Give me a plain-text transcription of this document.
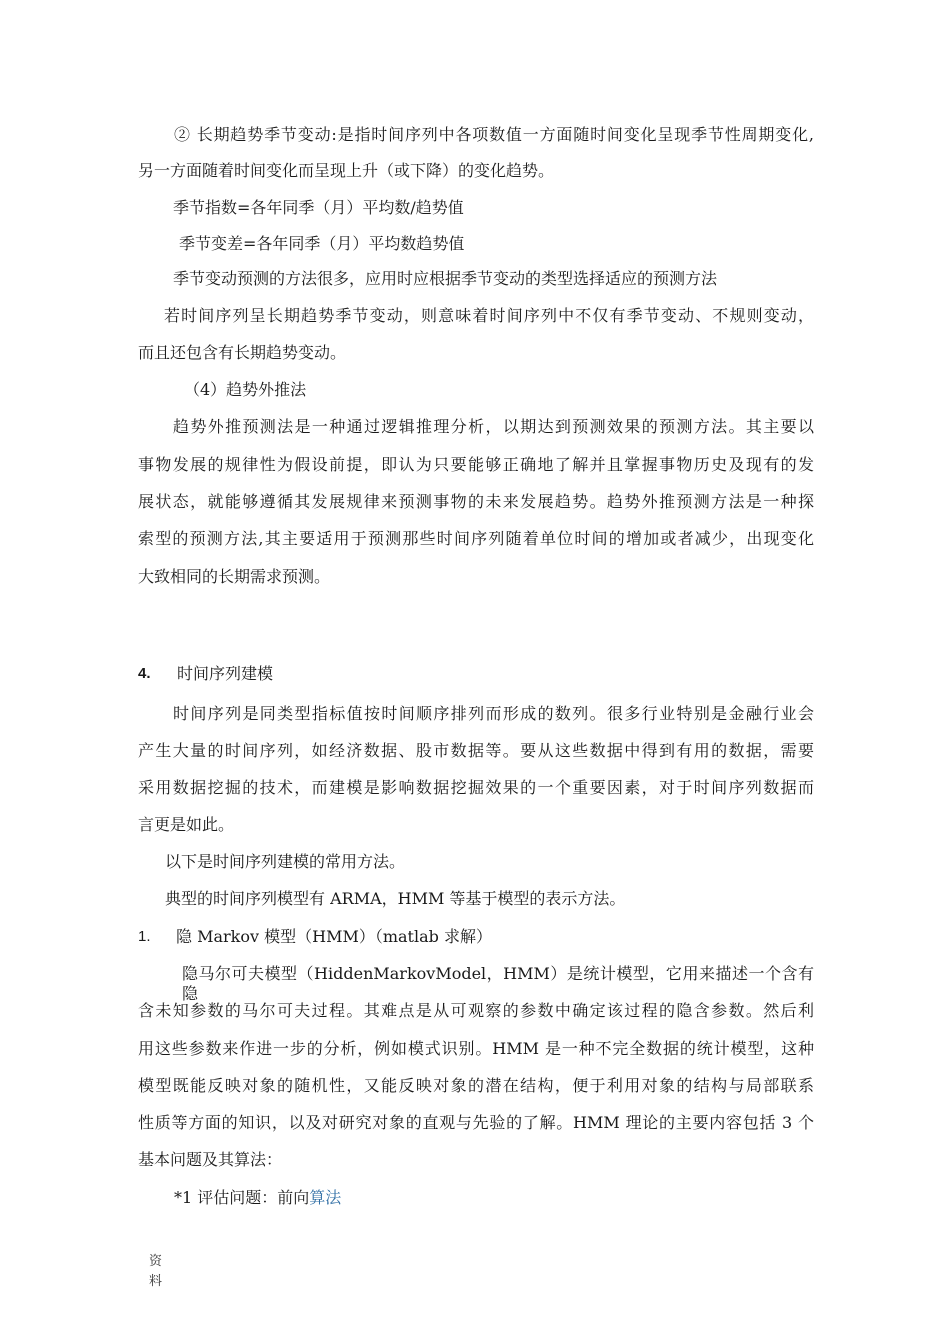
② 长期趋势季节变动:是指时间序列中各项数值一方面随时间变化呈现季节性周期变化,
另一方面随着时间变化而呈现上升（或下降）的变化趋势。
季节指数=各年同季（月）平均数/趋势值
季节变差=各年同季（月）平均数趋势值
季节变动预测的方法很多，应用时应根据季节变动的类型选择适应的预测方法
若时间序列呈长期趋势季节变动，则意味着时间序列中不仅有季节变动、不规则变动，
而且还包含有长期趋势变动。
（4）趋势外推法
趋势外推预测法是一种通过逻辑推理分析，以期达到预测效果的预测方法。其主要以
事物发展的规律性为假设前提，即认为只要能够正确地了解并且掌握事物历史及现有的发
展状态，就能够遵循其发展规律来预测事物的未来发展趋势。趋势外推预测方法是一种探
索型的预测方法,其主要适用于预测那些时间序列随着单位时间的增加或者减少，出现变化
大致相同的长期需求预测。
4. 时间序列建模
时间序列是同类型指标值按时间顺序排列而形成的数列。很多行业特别是金融行业会
产生大量的时间序列，如经济数据、股市数据等。要从这些数据中得到有用的数据，需要
采用数据挖掘的技术，而建模是影响数据挖掘效果的一个重要因素，对于时间序列数据而
言更是如此。
以下是时间序列建模的常用方法。
典型的时间序列模型有 ARMA，HMM 等基于模型的表示方法。
1. 隐 Markov 模型（HMM）（matlab 求解）
隐马尔可夫模型（HiddenMarkovModel，HMM）是统计模型，它用来描述一个含有隐
含未知参数的马尔可夫过程。其难点是从可观察的参数中确定该过程的隐含参数。然后利
用这些参数来作进一步的分析，例如模式识别。HMM 是一种不完全数据的统计模型，这种
模型既能反映对象的随机性，又能反映对象的潜在结构，便于利用对象的结构与局部联系
性质等方面的知识，以及对研究对象的直观与先验的了解。HMM 理论的主要内容包括 3 个
基本问题及其算法：
*1 评估问题：前向算法
资
料
